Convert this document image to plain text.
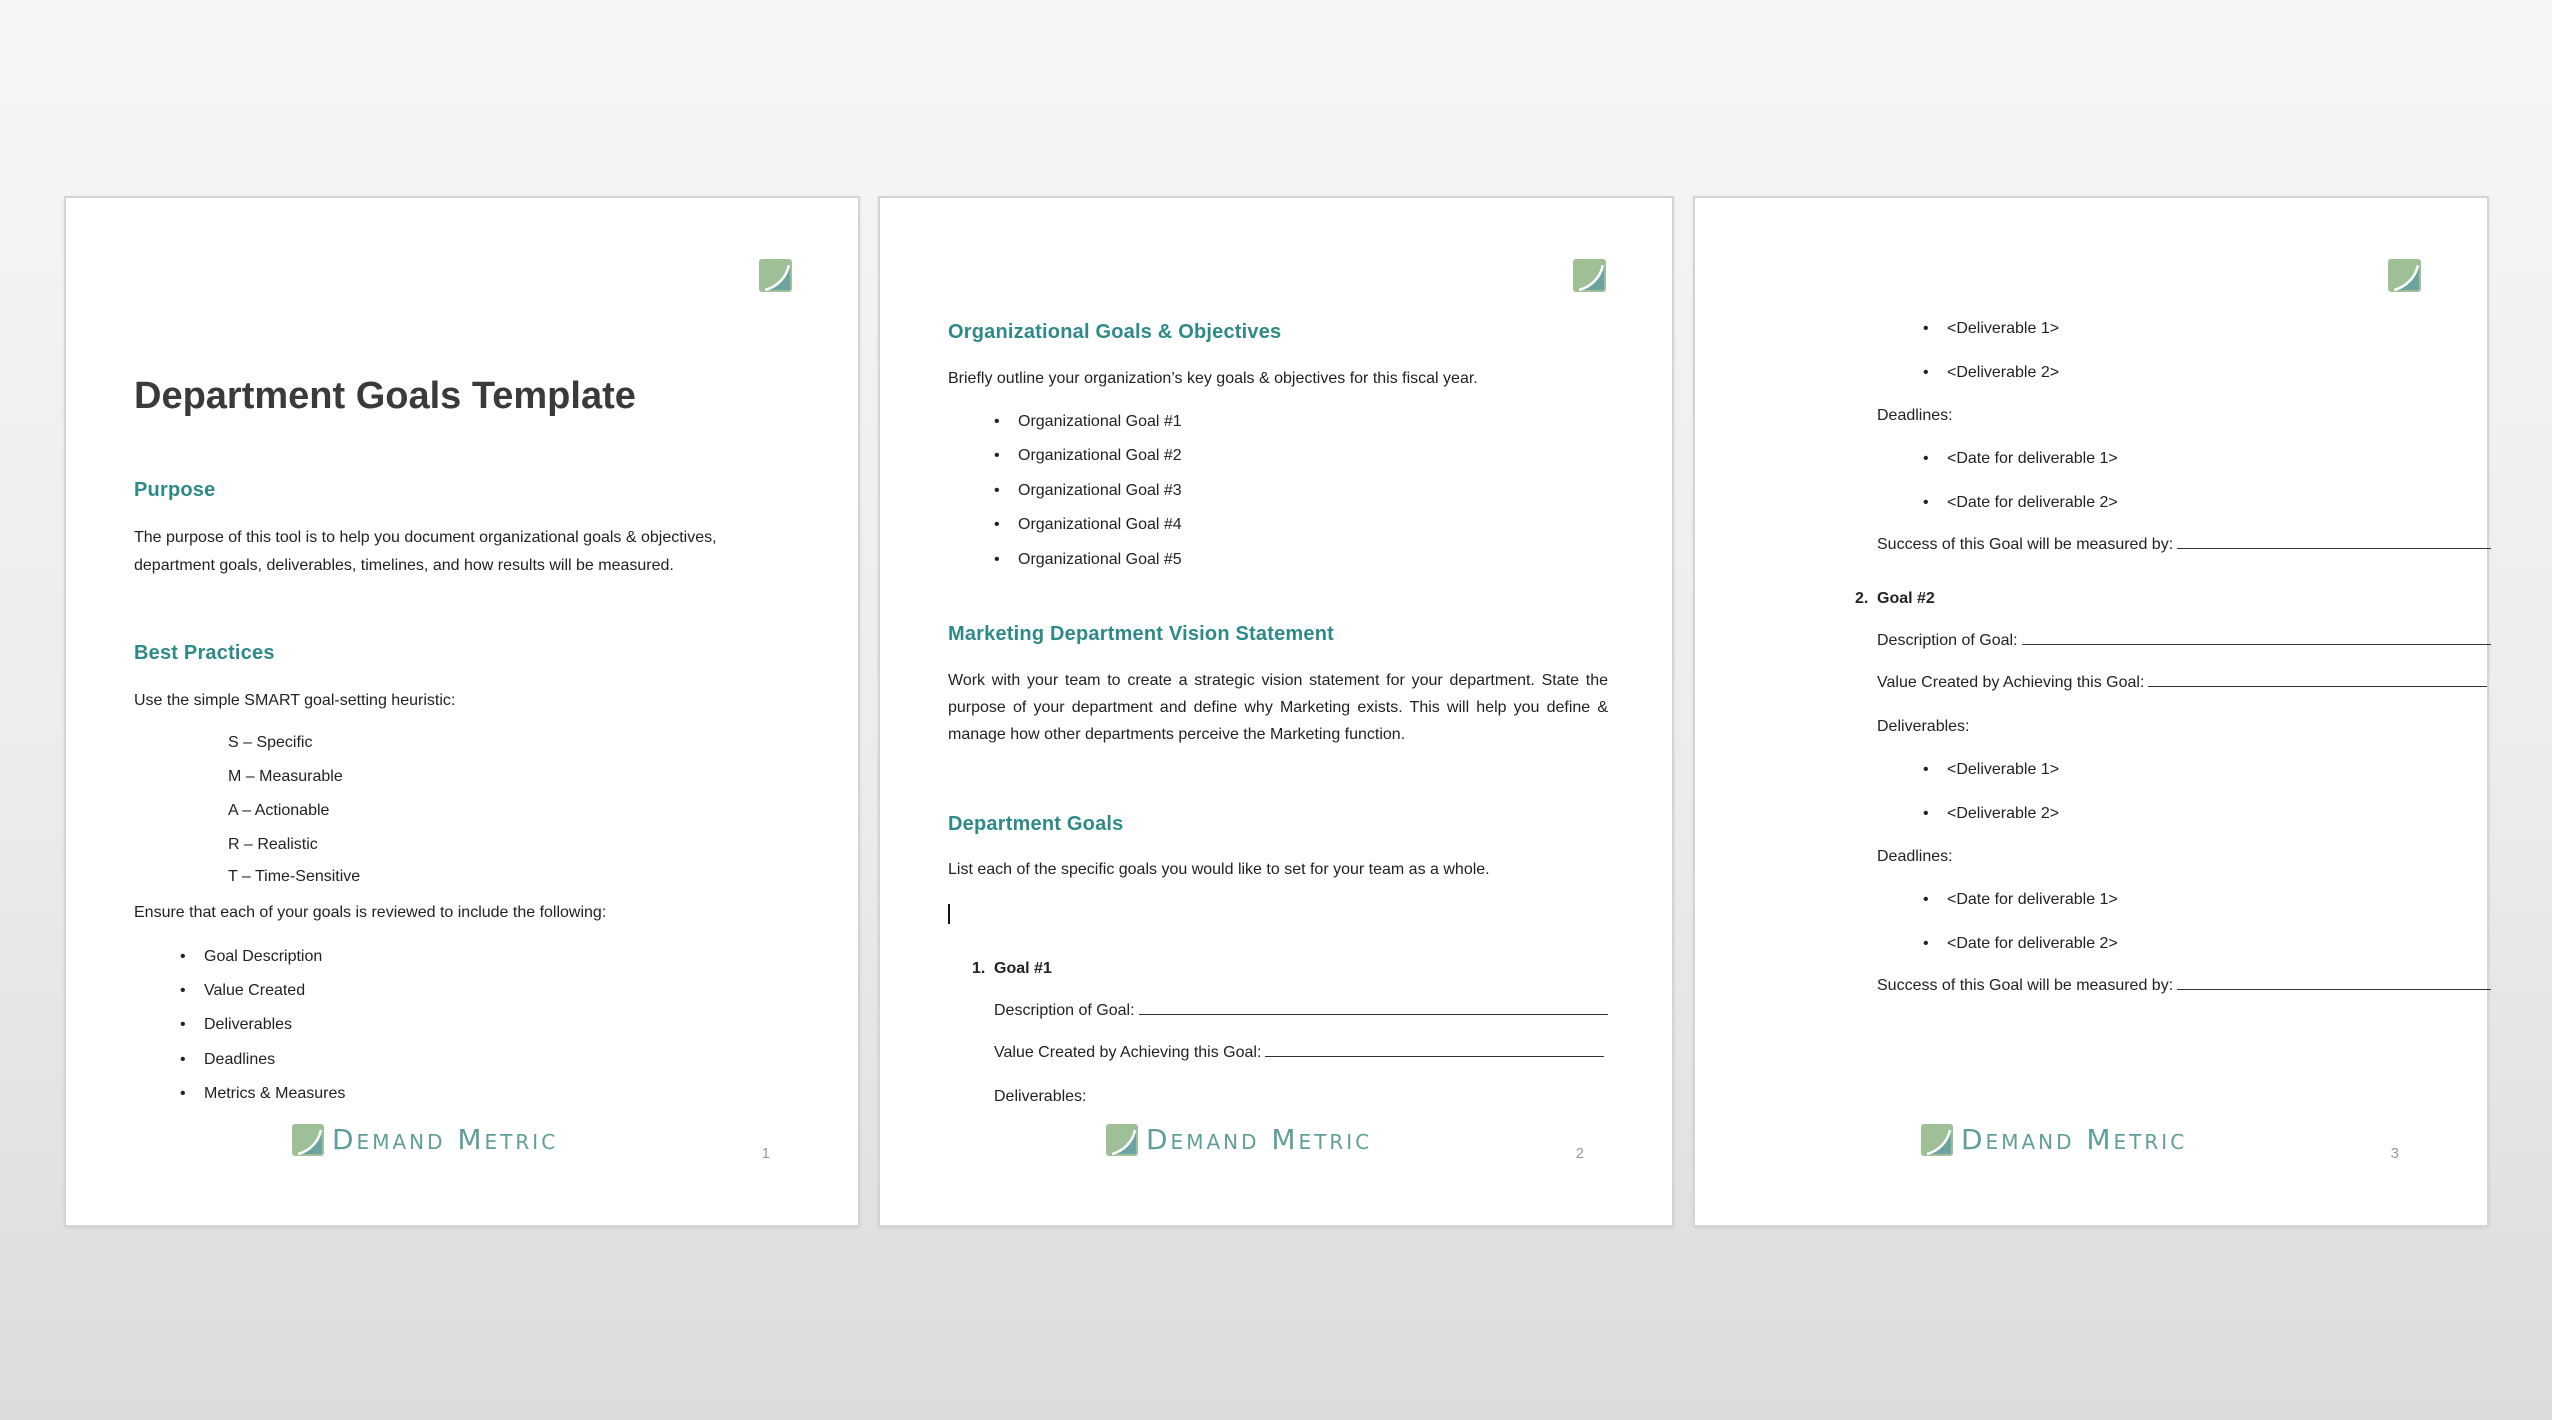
Department Goals Template
Purpose
The purpose of this tool is to help you document organizational goals & objectives, department goals, deliverables, timelines, and how results will be measured.
Best Practices
Use the simple SMART goal-setting heuristic:
S – Specific
M – Measurable
A – Actionable
R – Realistic
T – Time-Sensitive
Ensure that each of your goals is reviewed to include the following:
• Goal Description
• Value Created
• Deliverables
• Deadlines
• Metrics & Measures
Demand Metric	1
Organizational Goals & Objectives
Briefly outline your organization’s key goals & objectives for this fiscal year.
• Organizational Goal #1
• Organizational Goal #2
• Organizational Goal #3
• Organizational Goal #4
• Organizational Goal #5
Marketing Department Vision Statement
Work with your team to create a strategic vision statement for your department. State the purpose of your department and define why Marketing exists. This will help you define & manage how other departments perceive the Marketing function.
Department Goals
List each of the specific goals you would like to set for your team as a whole.
1. Goal #1
Description of Goal:
Value Created by Achieving this Goal:
Deliverables:
Demand Metric	2
• <Deliverable 1>
• <Deliverable 2>
Deadlines:
• <Date for deliverable 1>
• <Date for deliverable 2>
Success of this Goal will be measured by:
2. Goal #2
Description of Goal:
Value Created by Achieving this Goal:
Deliverables:
• <Deliverable 1>
• <Deliverable 2>
Deadlines:
• <Date for deliverable 1>
• <Date for deliverable 2>
Success of this Goal will be measured by:
Demand Metric	3
